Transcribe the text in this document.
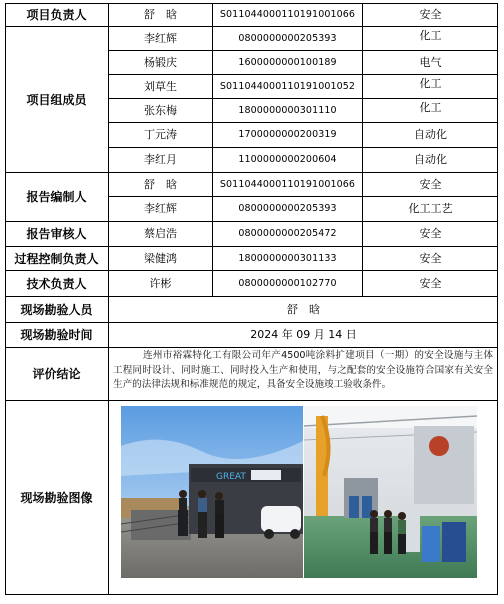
项目负责人	舒　晗	S011044000110191001066	安全
项目组成员
李红辉	0800000000205393	化工
杨锻庆	1600000000100189	电气
刘草生	S011044000110191001052	化工
张东梅	1800000000301110	化工
丁元涛	1700000000200319	自动化
李红月	1100000000200604	自动化
报告编制人
舒　晗	S011044000110191001066	安全
李红辉	0800000000205393	化工工艺
报告审核人	蔡启浩	0800000000205472	安全
过程控制负责人	梁健鸿	1800000000301133	安全
技术负责人	许彬	0800000000102770	安全
现场勘验人员	舒　晗
现场勘验时间	2024 年 09 月 14 日
评价结论
连州市裕霖特化工有限公司年产4500吨涂料扩建项目（一期）的安全设施与主体工程同时设计、同时施工、同时投入生产和使用，与之配套的安全设施符合国家有关安全生产的法律法规和标准规范的规定，具备安全设施竣工验收条件。
现场勘验图像
GREAT
